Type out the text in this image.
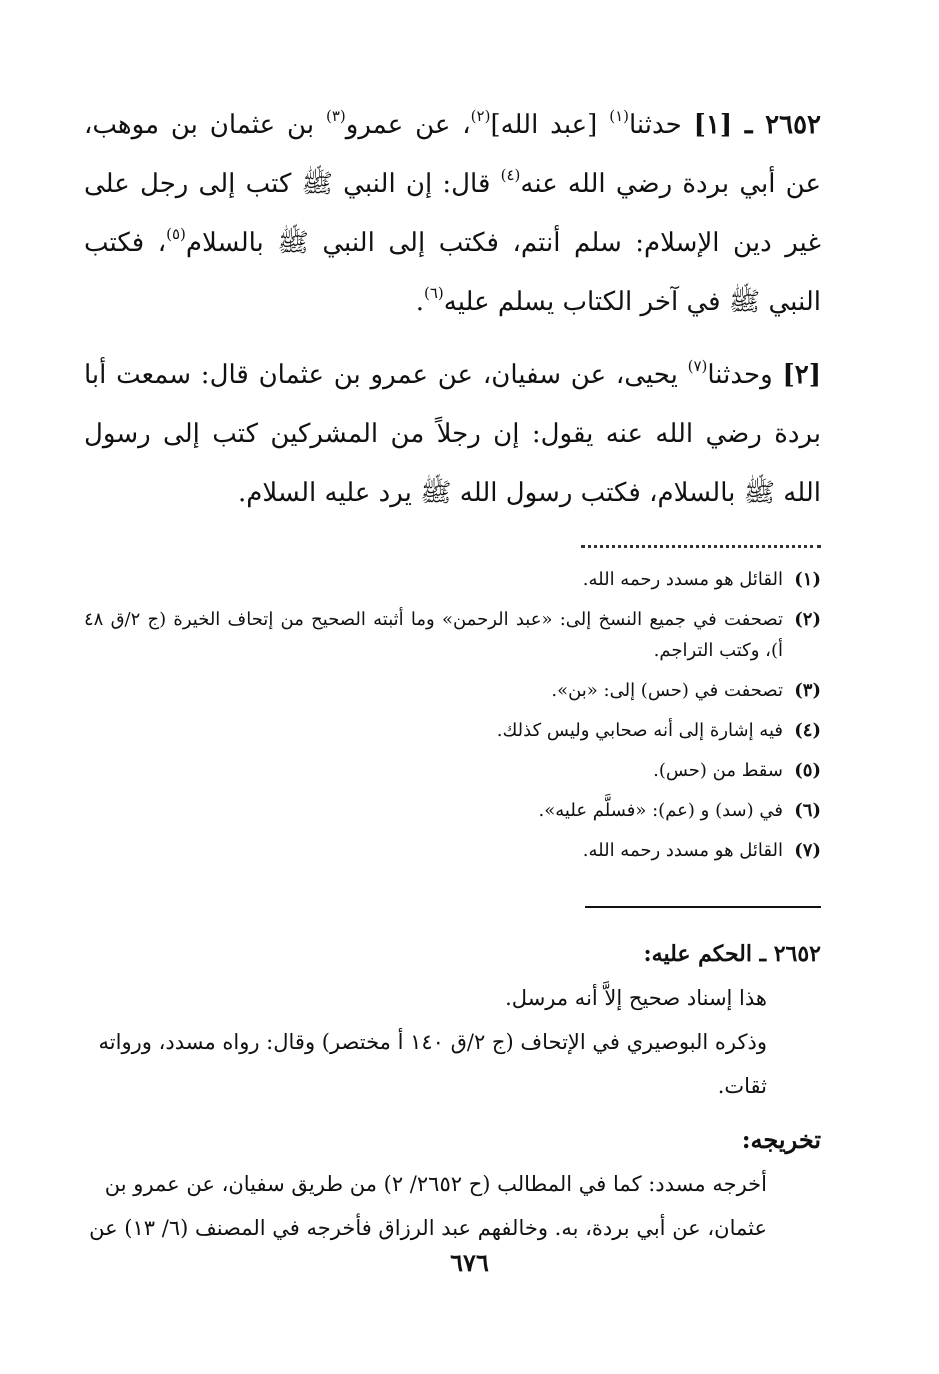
٢٦٥٢ ـ [١] حدثنا$^{(١)}$ [عبد الله]$^{(٢)}$، عن عمرو$^{(٣)}$ بن عثمان بن موهب، عن أبي بردة رضي الله عنه$^{(٤)}$ قال: إن النبي ﷺ كتب إلى رجل على غير دين الإسلام: سلم أنتم، فكتب إلى النبي ﷺ بالسلام$^{(٥)}$، فكتب النبي ﷺ في آخر الكتاب يسلم عليه$^{(٦)}$.

[٢] وحدثنا$^{(٧)}$ يحيى، عن سفيان، عن عمرو بن عثمان قال: سمعت أبا بردة رضي الله عنه يقول: إن رجلاً من المشركين كتب إلى رسول الله ﷺ بالسلام، فكتب رسول الله ﷺ يرد عليه السلام.

(١)
القائل هو مسدد رحمه الله.
(٢)
تصحفت في جميع النسخ إلى: «عبد الرحمن» وما أثبته الصحيح من إتحاف الخيرة (ج ٢/ق ٤٨ أ)، وكتب التراجم.
(٣)
تصحفت في (حس) إلى: «بن».
(٤)
فيه إشارة إلى أنه صحابي وليس كذلك.
(٥)
سقط من (حس).
(٦)
في (سد) و (عم): «فسلَّم عليه».
(٧)
القائل هو مسدد رحمه الله.
٢٦٥٢ ـ الحكم عليه:

هذا إسناد صحيح إلاَّ أنه مرسل.

وذكره البوصيري في الإتحاف (ج ٢/ق ١٤٠ أ مختصر) وقال: رواه مسدد، ورواته ثقات.

تخريجه:

أخرجه مسدد: كما في المطالب (ح ٢٦٥٢/ ٢) من طريق سفيان، عن عمرو بن عثمان، عن أبي بردة، به. وخالفهم عبد الرزاق فأخرجه في المصنف (٦/ ١٣) عن

٦٧٦
